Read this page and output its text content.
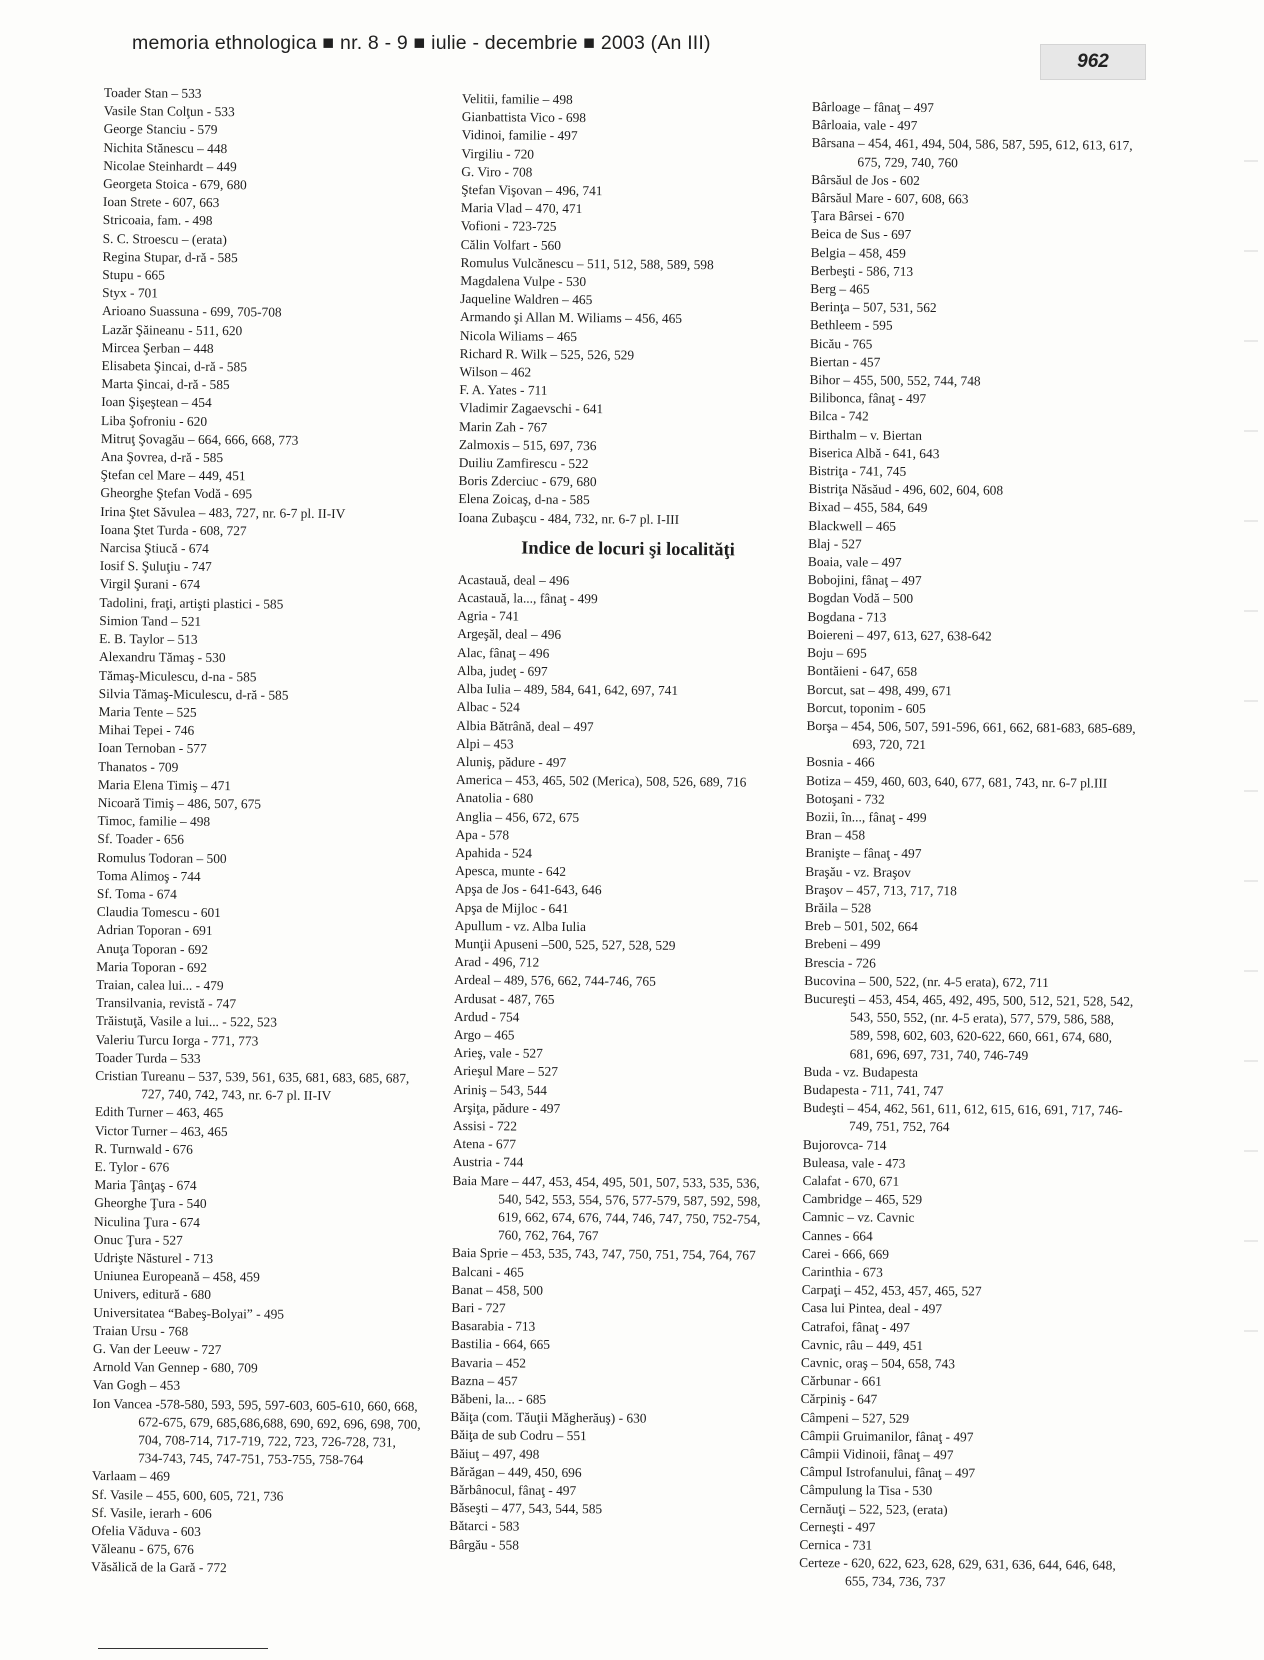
memoria ethnologica ■ nr. 8 - 9 ■ iulie - decembrie ■ 2003 (An III)
962
Toader Stan – 533
Vasile Stan Colţun - 533
George Stanciu - 579
Nichita Stănescu – 448
Nicolae Steinhardt – 449
Georgeta Stoica - 679, 680
Ioan Strete - 607, 663
Stricoaia, fam. - 498
S. C. Stroescu – (erata)
Regina Stupar, d-ră - 585
Stupu - 665
Styx - 701
Arioano Suassuna - 699, 705-708
Lazăr Şăineanu - 511, 620
Mircea Şerban – 448
Elisabeta Şincai, d-ră - 585
Marta Şincai, d-ră - 585
Ioan Şişeştean – 454
Liba Şofroniu - 620
Mitruţ Şovagău – 664, 666, 668, 773
Ana Şovrea, d-ră - 585
Ştefan cel Mare – 449, 451
Gheorghe Ştefan Vodă - 695
Irina Ştet Săvulea – 483, 727, nr. 6-7 pl. II-IV
Ioana Ştet Turda - 608, 727
Narcisa Ştiucă - 674
Iosif S. Şuluţiu - 747
Virgil Şurani - 674
Tadolini, fraţi, artişti plastici - 585
Simion Tand – 521
E. B. Taylor – 513
Alexandru Tămaş - 530
Tămaş-Miculescu, d-na - 585
Silvia Tămaş-Miculescu, d-ră - 585
Maria Tente – 525
Mihai Tepei - 746
Ioan Ternoban - 577
Thanatos - 709
Maria Elena Timiş – 471
Nicoară Timiş – 486, 507, 675
Timoc, familie – 498
Sf. Toader - 656
Romulus Todoran – 500
Toma Alimoş - 744
Sf. Toma - 674
Claudia Tomescu - 601
Adrian Toporan - 691
Anuţa Toporan - 692
Maria Toporan - 692
Traian, calea lui... - 479
Transilvania, revistă - 747
Trăistuţă, Vasile a lui... - 522, 523
Valeriu Turcu Iorga - 771, 773
Toader Turda – 533
Cristian Tureanu – 537, 539, 561, 635, 681, 683, 685, 687, 727, 740, 742, 743, nr. 6-7 pl. II-IV
Edith Turner – 463, 465
Victor Turner – 463, 465
R. Turnwald - 676
E. Tylor - 676
Maria Ţânţaş - 674
Gheorghe Ţura - 540
Niculina Ţura - 674
Onuc Ţura - 527
Udrişte Năsturel - 713
Uniunea Europeană – 458, 459
Univers, editură - 680
Universitatea “Babeş-Bolyai” - 495
Traian Ursu - 768
G. Van der Leeuw - 727
Arnold Van Gennep - 680, 709
Van Gogh – 453
Ion Vancea -578-580, 593, 595, 597-603, 605-610, 660, 668, 672-675, 679, 685,686,688, 690, 692, 696, 698, 700, 704, 708-714, 717-719, 722, 723, 726-728, 731, 734-743, 745, 747-751, 753-755, 758-764
Varlaam – 469
Sf. Vasile – 455, 600, 605, 721, 736
Sf. Vasile, ierarh - 606
Ofelia Văduva - 603
Văleanu - 675, 676
Văsălică de la Gară - 772
Velitii, familie – 498
Gianbattista Vico - 698
Vidinoi, familie - 497
Virgiliu - 720
G. Viro - 708
Ştefan Vişovan – 496, 741
Maria Vlad – 470, 471
Vofioni - 723-725
Călin Volfart - 560
Romulus Vulcănescu – 511, 512, 588, 589, 598
Magdalena Vulpe - 530
Jaqueline Waldren – 465
Armando şi Allan M. Wiliams – 456, 465
Nicola Wiliams – 465
Richard R. Wilk – 525, 526, 529
Wilson – 462
F. A. Yates - 711
Vladimir Zagaevschi - 641
Marin Zah - 767
Zalmoxis – 515, 697, 736
Duiliu Zamfirescu - 522
Boris Zderciuc - 679, 680
Elena Zoicaş, d-na - 585
Ioana Zubaşcu - 484, 732, nr. 6-7 pl. I-III
Indice de locuri şi localităţi
Acastauă, deal – 496
Acastauă, la..., fânaţ - 499
Agria - 741
Argeşăl, deal – 496
Alac, fânaţ – 496
Alba, judeţ - 697
Alba Iulia – 489, 584, 641, 642, 697, 741
Albac - 524
Albia Bătrână, deal – 497
Alpi – 453
Aluniş, pădure - 497
America – 453, 465, 502 (Merica), 508, 526, 689, 716
Anatolia - 680
Anglia – 456, 672, 675
Apa - 578
Apahida - 524
Apesca, munte - 642
Apşa de Jos - 641-643, 646
Apşa de Mijloc - 641
Apullum - vz. Alba Iulia
Munţii Apuseni –500, 525, 527, 528, 529
Arad - 496, 712
Ardeal – 489, 576, 662, 744-746, 765
Ardusat - 487, 765
Ardud - 754
Argo – 465
Arieş, vale - 527
Arieşul Mare – 527
Ariniş – 543, 544
Arşiţa, pădure - 497
Assisi - 722
Atena - 677
Austria - 744
Baia Mare – 447, 453, 454, 495, 501, 507, 533, 535, 536, 540, 542, 553, 554, 576, 577-579, 587, 592, 598, 619, 662, 674, 676, 744, 746, 747, 750, 752-754, 760, 762, 764, 767
Baia Sprie – 453, 535, 743, 747, 750, 751, 754, 764, 767
Balcani - 465
Banat – 458, 500
Bari - 727
Basarabia - 713
Bastilia - 664, 665
Bavaria – 452
Bazna – 457
Băbeni, la... - 685
Băiţa (com. Tăuţii Măgherăuş) - 630
Băiţa de sub Codru – 551
Băiuţ – 497, 498
Bărăgan – 449, 450, 696
Bărbânocul, fânaţ - 497
Băseşti – 477, 543, 544, 585
Bătarci - 583
Bârgău - 558
Bârloage – fânaţ – 497
Bârloaia, vale - 497
Bârsana – 454, 461, 494, 504, 586, 587, 595, 612, 613, 617, 675, 729, 740, 760
Bârsăul de Jos - 602
Bârsăul Mare - 607, 608, 663
Ţara Bârsei - 670
Beica de Sus - 697
Belgia – 458, 459
Berbeşti - 586, 713
Berg – 465
Berinţa – 507, 531, 562
Bethleem - 595
Bicău - 765
Biertan - 457
Bihor – 455, 500, 552, 744, 748
Bilibonca, fânaţ - 497
Bilca - 742
Birthalm – v. Biertan
Biserica Albă - 641, 643
Bistriţa - 741, 745
Bistriţa Năsăud - 496, 602, 604, 608
Bixad – 455, 584, 649
Blackwell – 465
Blaj - 527
Boaia, vale – 497
Bobojini, fânaţ – 497
Bogdan Vodă – 500
Bogdana - 713
Boiereni – 497, 613, 627, 638-642
Boju – 695
Bontăieni - 647, 658
Borcut, sat – 498, 499, 671
Borcut, toponim - 605
Borşa – 454, 506, 507, 591-596, 661, 662, 681-683, 685-689, 693, 720, 721
Bosnia - 466
Botiza – 459, 460, 603, 640, 677, 681, 743, nr. 6-7 pl.III
Botoşani - 732
Bozii, în..., fânaţ - 499
Bran – 458
Branişte – fânaţ - 497
Braşău - vz. Braşov
Braşov – 457, 713, 717, 718
Brăila – 528
Breb – 501, 502, 664
Brebeni – 499
Brescia - 726
Bucovina – 500, 522, (nr. 4-5 erata), 672, 711
Bucureşti – 453, 454, 465, 492, 495, 500, 512, 521, 528, 542, 543, 550, 552, (nr. 4-5 erata), 577, 579, 586, 588, 589, 598, 602, 603, 620-622, 660, 661, 674, 680, 681, 696, 697, 731, 740, 746-749
Buda - vz. Budapesta
Budapesta - 711, 741, 747
Budeşti – 454, 462, 561, 611, 612, 615, 616, 691, 717, 746-749, 751, 752, 764
Bujorovca- 714
Buleasa, vale - 473
Calafat - 670, 671
Cambridge – 465, 529
Camnic – vz. Cavnic
Cannes - 664
Carei - 666, 669
Carinthia - 673
Carpaţi – 452, 453, 457, 465, 527
Casa lui Pintea, deal - 497
Catrafoi, fânaţ - 497
Cavnic, râu – 449, 451
Cavnic, oraş – 504, 658, 743
Cărbunar - 661
Cărpiniş - 647
Câmpeni – 527, 529
Câmpii Gruimanilor, fânaţ - 497
Câmpii Vidinoii, fânaţ – 497
Câmpul Istrofanului, fânaţ – 497
Câmpulung la Tisa - 530
Cernăuţi – 522, 523, (erata)
Cerneşti - 497
Cernica - 731
Certeze - 620, 622, 623, 628, 629, 631, 636, 644, 646, 648, 655, 734, 736, 737
